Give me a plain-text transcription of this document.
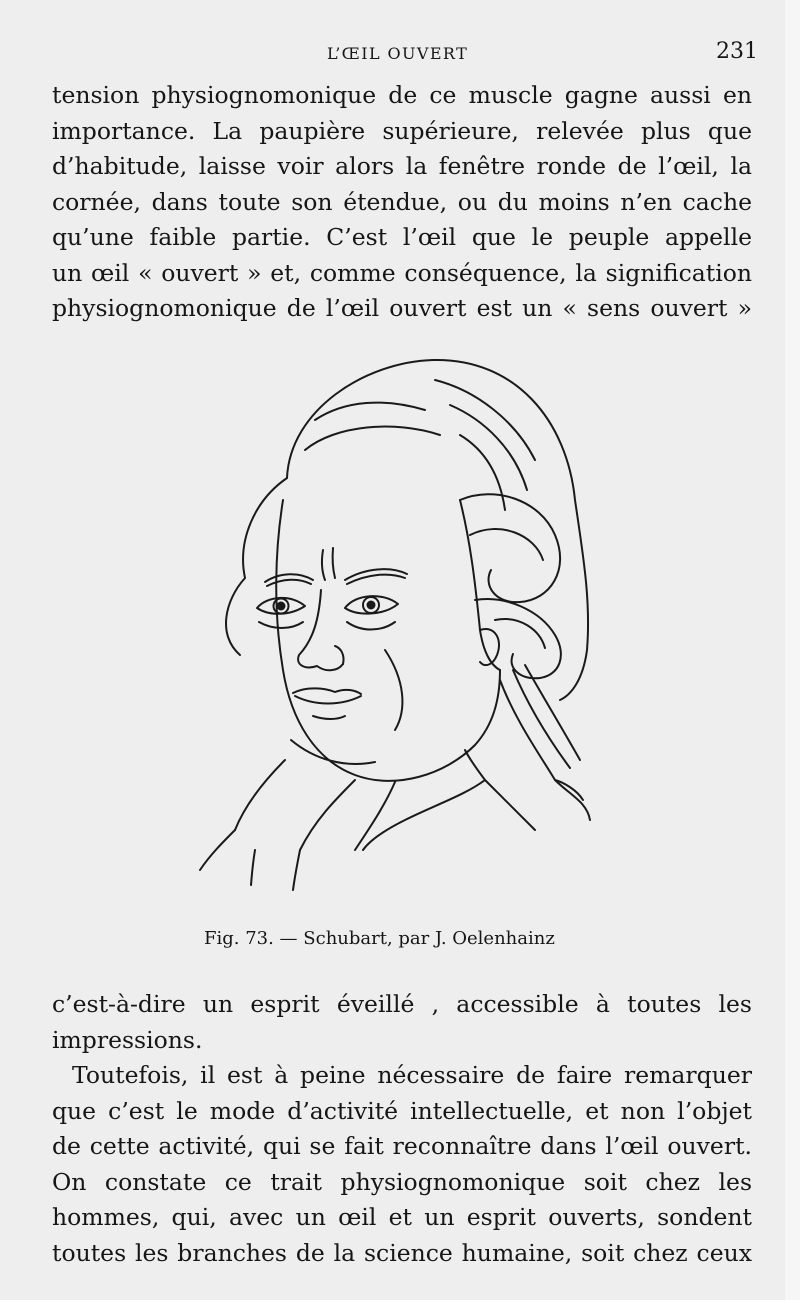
L’ŒIL OUVERT	231
tension physiognomonique de ce muscle gagne aussi en
importance. La paupière supérieure, relevée plus que
d’habitude, laisse voir alors la fenêtre ronde de l’œil, la
cornée, dans toute son étendue, ou du moins n’en cache
qu’une faible partie. C’est l’œil que le peuple appelle
un œil « ouvert » et, comme conséquence, la signification
physiognomonique de l’œil ouvert est un « sens ouvert »
Fig. 73. — Schubart, par J. Oelenhainz
c’est-à-dire un esprit éveillé , accessible à toutes les
impressions.
Toutefois, il est à peine nécessaire de faire remarquer
que c’est le mode d’activité intellectuelle, et non l’objet
de cette activité, qui se fait reconnaître dans l’œil ouvert.
On constate ce trait physiognomonique soit chez les
hommes, qui, avec un œil et un esprit ouverts, sondent
toutes les branches de la science humaine, soit chez ceux
